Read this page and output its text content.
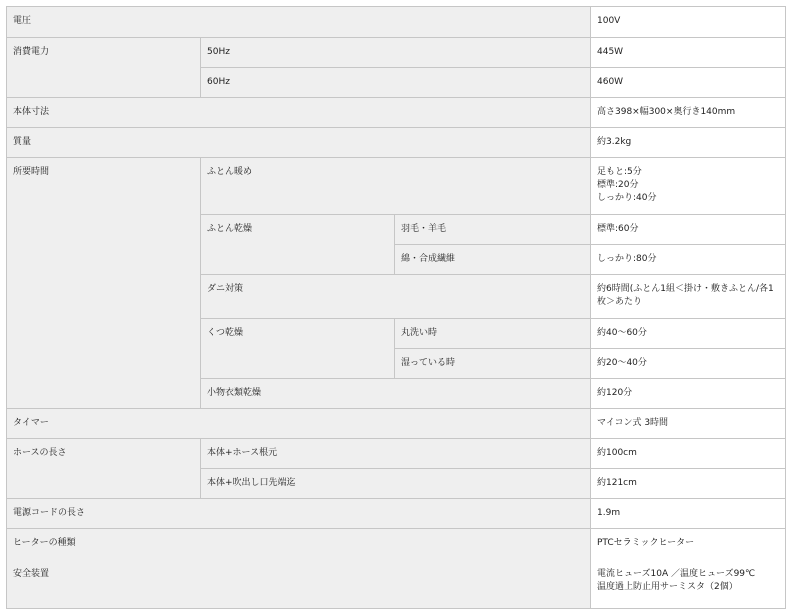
電圧	100V
消費電力	50Hz	445W
60Hz	460W
本体寸法	高さ398×幅300×奥行き140mm
質量	約3.2kg
所要時間	ふとん暖め	足もと:5分
標準:20分
しっかり:40分
ふとん乾燥	羽毛・羊毛	標準:60分
綿・合成繊維	しっかり:80分
ダニ対策	約6時間(ふとん1組＜掛け・敷きふとん/各1枚＞あたり
くつ乾燥	丸洗い時	約40〜60分
湿っている時	約20〜40分
小物衣類乾燥	約120分
タイマー	マイコン式 3時間
ホースの長さ	本体+ホース根元	約100cm
本体+吹出し口先端迄	約121cm
電源コードの長さ	1.9m
ヒーターの種類	PTCセラミックヒーター
安全装置	電流ヒューズ10A ／温度ヒューズ99℃
温度過上防止用サーミスタ（2個）
